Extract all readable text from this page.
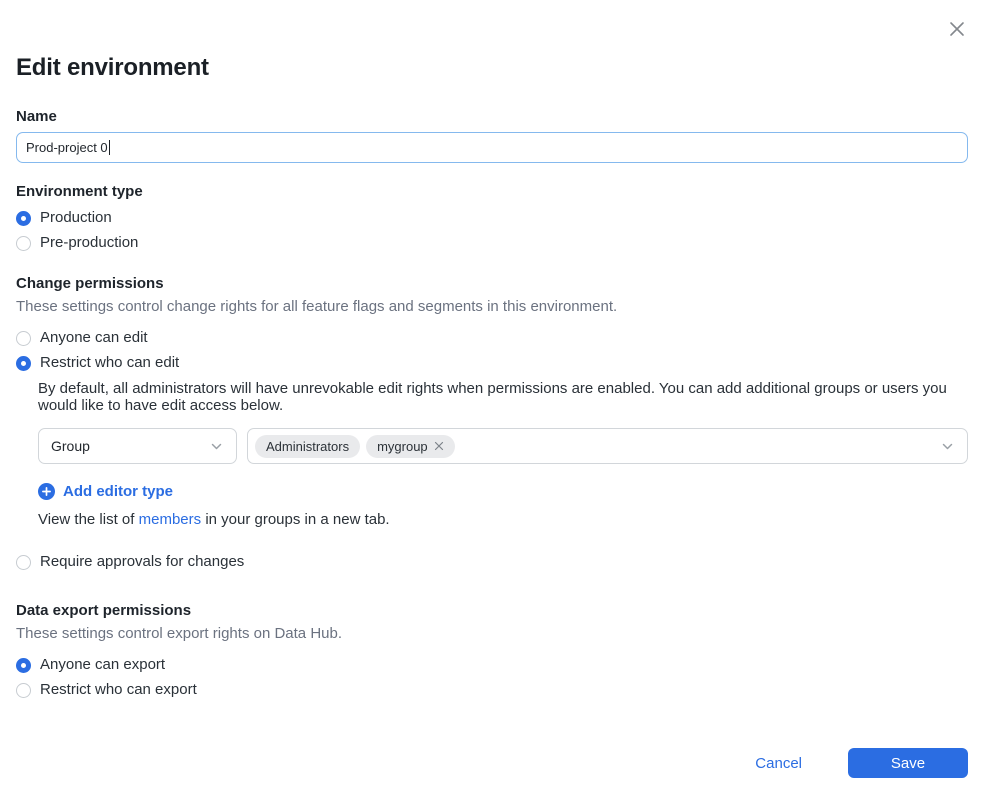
Edit environment
Name
Prod-project 0
Environment type
Production
Pre-production
Change permissions
These settings control change rights for all feature flags and segments in this environment.
Anyone can edit
Restrict who can edit
By default, all administrators will have unrevokable edit rights when permissions are enabled. You can add additional groups or users you would like to have edit access below.
Group	Administrators mygroup
Add editor type
View the list of members in your groups in a new tab.
Require approvals for changes
Data export permissions
These settings control export rights on Data Hub.
Anyone can export
Restrict who can export
Cancel	Save
